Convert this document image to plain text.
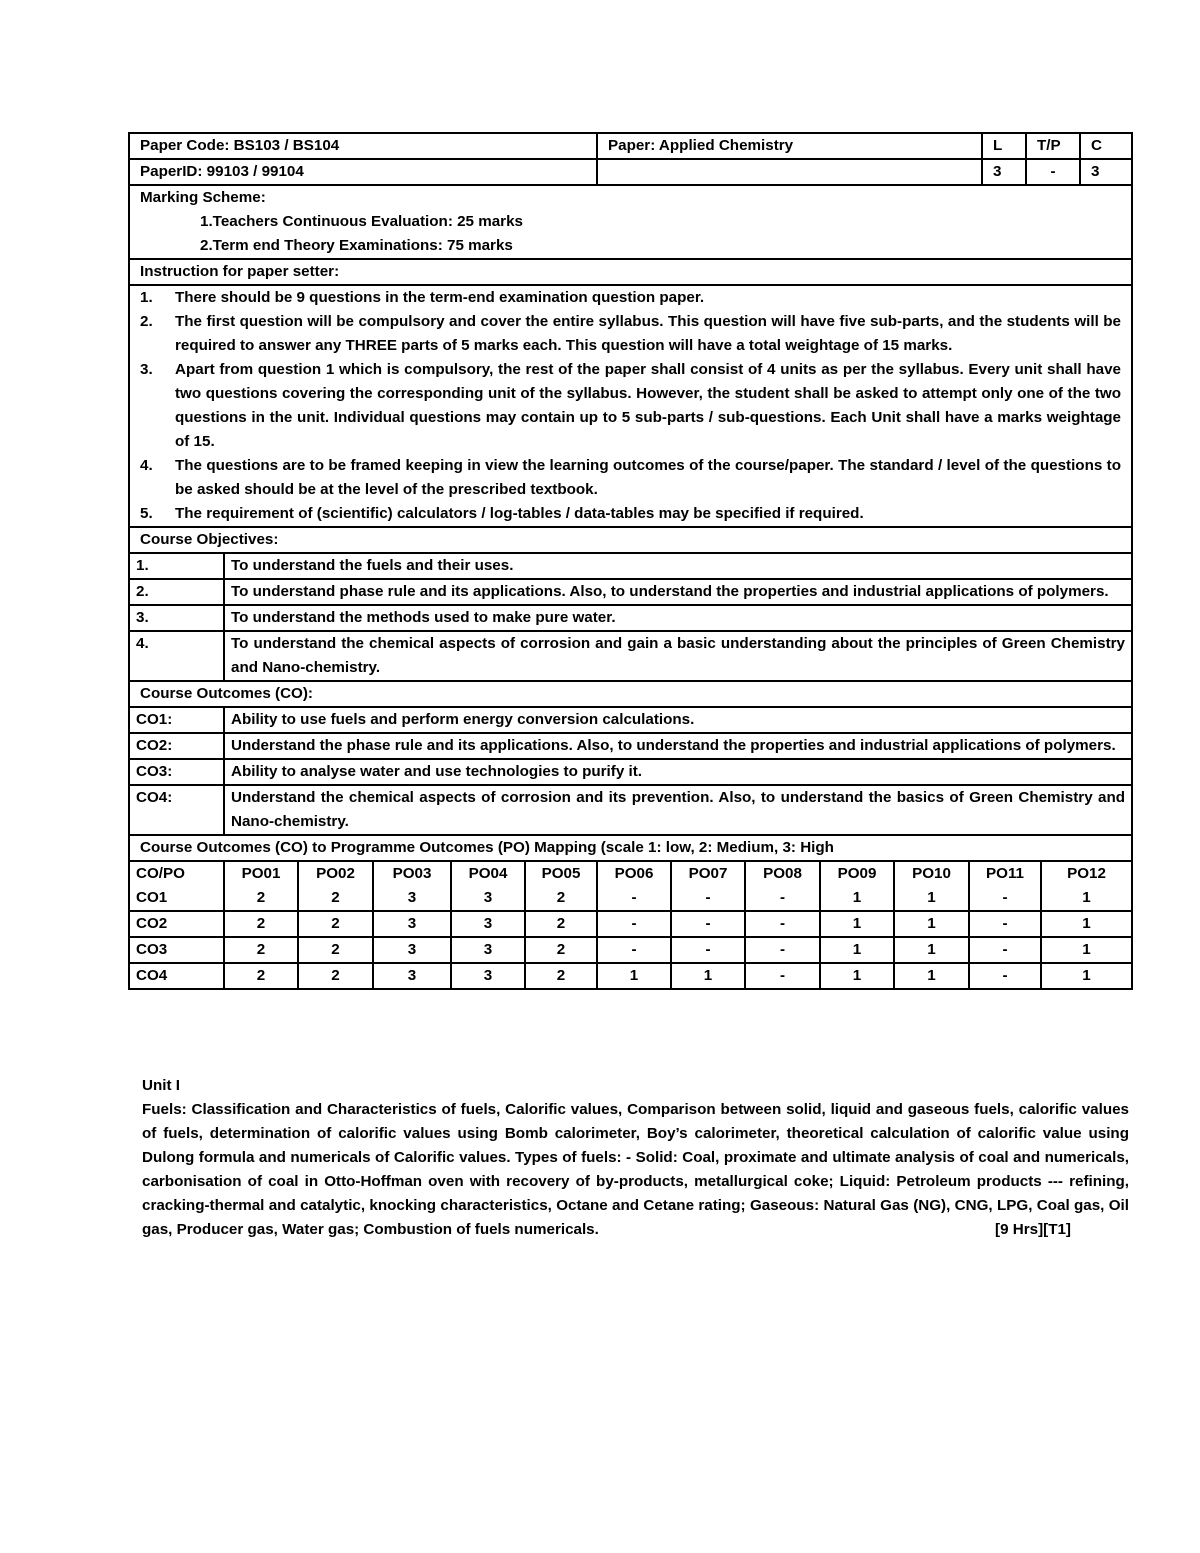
Paper Code: BS103 / BS104	Paper: Applied Chemistry	L	T/P	C
PaperID: 99103 / 99104		3	-	3

Marking Scheme:
1.Teachers Continuous Evaluation: 25 marks
2.Term end Theory Examinations: 75 marks

Instruction for paper setter:

1.	There should be 9 questions in the term-end examination question paper.
2.	The first question will be compulsory and cover the entire syllabus. This question will have five sub-parts, and the students will be required to answer any THREE parts of 5 marks each. This question will have a total weightage of 15 marks.
3.	Apart from question 1 which is compulsory, the rest of the paper shall consist of 4 units as per the syllabus. Every unit shall have two questions covering the corresponding unit of the syllabus. However, the student shall be asked to attempt only one of the two questions in the unit. Individual questions may contain up to 5 sub-parts / sub-questions. Each Unit shall have a marks weightage of 15.
4.	The questions are to be framed keeping in view the learning outcomes of the course/paper. The standard / level of the questions to be asked should be at the level of the prescribed textbook.
5.	The requirement of (scientific) calculators / log-tables / data-tables may be specified if required.

Course Objectives:

1.	To understand the fuels and their uses.
2.	To understand phase rule and its applications. Also, to understand the properties and industrial applications of polymers.
3.	To understand the methods used to make pure water.
4.	To understand the chemical aspects of corrosion and gain a basic understanding about the principles of Green Chemistry and Nano-chemistry.

Course Outcomes (CO):

CO1:	Ability to use fuels and perform energy conversion calculations.
CO2:	Understand the phase rule and its applications. Also, to understand the properties and industrial applications of polymers.
CO3:	Ability to analyse water and use technologies to purify it.
CO4:	Understand the chemical aspects of corrosion and its prevention. Also, to understand the basics of Green Chemistry and Nano-chemistry.

Course Outcomes (CO) to Programme Outcomes (PO) Mapping (scale 1: low, 2: Medium, 3: High

CO/PO	PO01	PO02	PO03	PO04	PO05	PO06	PO07	PO08	PO09	PO10	PO11	PO12
CO1	2	2	3	3	2	-	-	-	1	1	-	1
CO2	2	2	3	3	2	-	-	-	1	1	-	1
CO3	2	2	3	3	2	-	-	-	1	1	-	1
CO4	2	2	3	3	2	1	1	-	1	1	-	1
Unit I

Fuels: Classification and Characteristics of fuels, Calorific values, Comparison between solid, liquid and gaseous fuels, calorific values of fuels, determination of calorific values using Bomb calorimeter, Boy’s calorimeter, theoretical calculation of calorific value using Dulong formula and numericals of Calorific values. Types of fuels: - Solid: Coal, proximate and ultimate analysis of coal and numericals, carbonisation of coal in Otto-Hoffman oven with recovery of by-products, metallurgical coke; Liquid: Petroleum products --- refining, cracking-thermal and catalytic, knocking characteristics, Octane and Cetane rating; Gaseous: Natural Gas (NG), CNG, LPG, Coal gas, Oil gas, Producer gas, Water gas; Combustion of fuels numericals.	[9 Hrs][T1]
